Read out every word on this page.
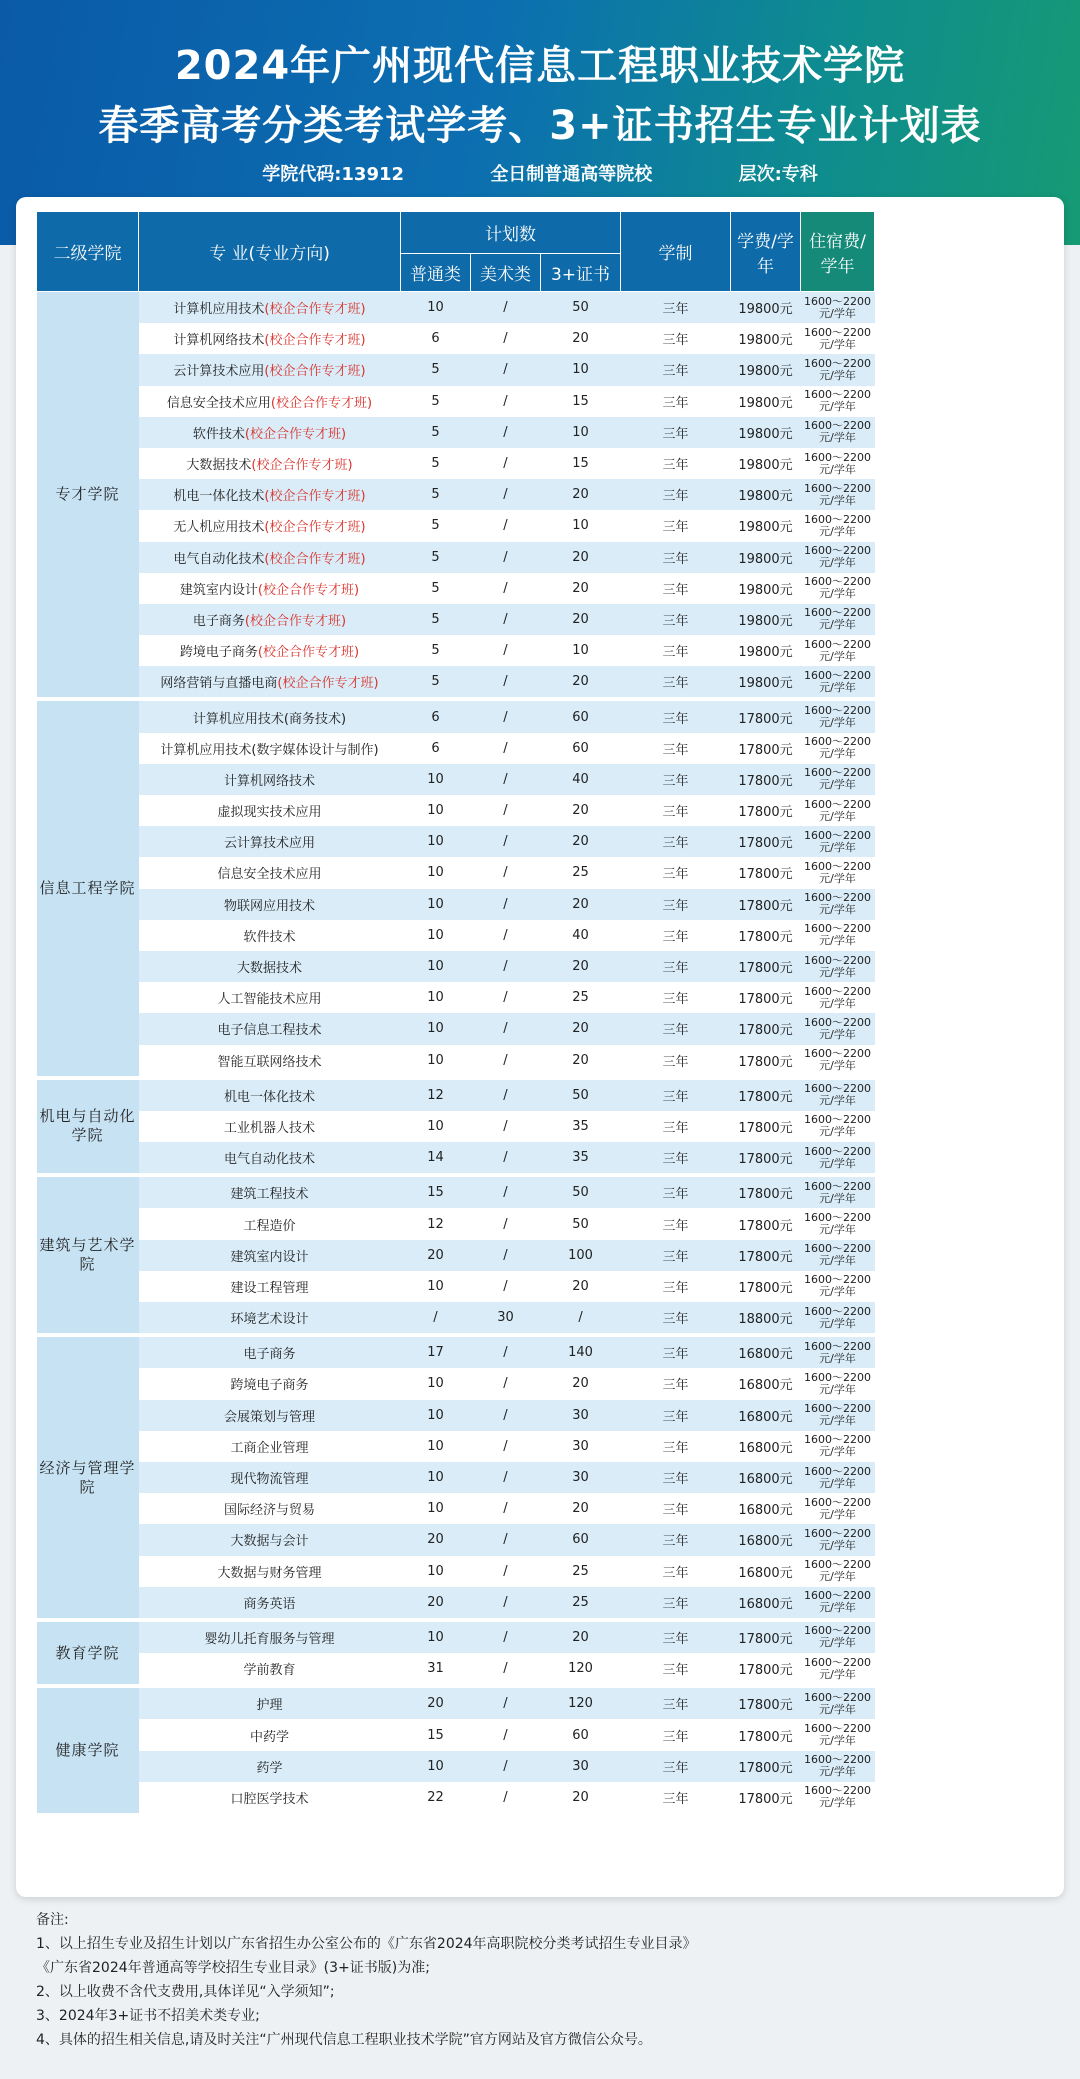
2024年广州现代信息工程职业技术学院
春季高考分类考试学考、3+证书招生专业计划表
学院代码:13912	全日制普通高等院校	层次:专科
二级学院	专 业(专业方向)	计划数			学制	学费/学年	住宿费/学年
		普通类	美术类	3+证书			
专才学院	计算机应用技术(校企合作专才班)	10	/	50	三年	19800元	1600～2200
元/学年

	计算机网络技术(校企合作专才班)	6	/	20	三年	19800元	1600～2200
元/学年

	云计算技术应用(校企合作专才班)	5	/	10	三年	19800元	1600～2200
元/学年

	信息安全技术应用(校企合作专才班)	5	/	15	三年	19800元	1600～2200
元/学年

	软件技术(校企合作专才班)	5	/	10	三年	19800元	1600～2200
元/学年

	大数据技术(校企合作专才班)	5	/	15	三年	19800元	1600～2200
元/学年

	机电一体化技术(校企合作专才班)	5	/	20	三年	19800元	1600～2200
元/学年

	无人机应用技术(校企合作专才班)	5	/	10	三年	19800元	1600～2200
元/学年

	电气自动化技术(校企合作专才班)	5	/	20	三年	19800元	1600～2200
元/学年

	建筑室内设计(校企合作专才班)	5	/	20	三年	19800元	1600～2200
元/学年

	电子商务(校企合作专才班)	5	/	20	三年	19800元	1600～2200
元/学年

	跨境电子商务(校企合作专才班)	5	/	10	三年	19800元	1600～2200
元/学年

	网络营销与直播电商(校企合作专才班)	5	/	20	三年	19800元	1600～2200
元/学年

信息工程学院	计算机应用技术(商务技术)	6	/	60	三年	17800元	1600～2200
元/学年

	计算机应用技术(数字媒体设计与制作)	6	/	60	三年	17800元	1600～2200
元/学年

	计算机网络技术	10	/	40	三年	17800元	1600～2200
元/学年

	虚拟现实技术应用	10	/	20	三年	17800元	1600～2200
元/学年

	云计算技术应用	10	/	20	三年	17800元	1600～2200
元/学年

	信息安全技术应用	10	/	25	三年	17800元	1600～2200
元/学年

	物联网应用技术	10	/	20	三年	17800元	1600～2200
元/学年

	软件技术	10	/	40	三年	17800元	1600～2200
元/学年

	大数据技术	10	/	20	三年	17800元	1600～2200
元/学年

	人工智能技术应用	10	/	25	三年	17800元	1600～2200
元/学年

	电子信息工程技术	10	/	20	三年	17800元	1600～2200
元/学年

	智能互联网络技术	10	/	20	三年	17800元	1600～2200
元/学年

机电与自动化学院	机电一体化技术	12	/	50	三年	17800元	1600～2200
元/学年

	工业机器人技术	10	/	35	三年	17800元	1600～2200
元/学年

	电气自动化技术	14	/	35	三年	17800元	1600～2200
元/学年

建筑与艺术学院	建筑工程技术	15	/	50	三年	17800元	1600～2200
元/学年

	工程造价	12	/	50	三年	17800元	1600～2200
元/学年

	建筑室内设计	20	/	100	三年	17800元	1600～2200
元/学年

	建设工程管理	10	/	20	三年	17800元	1600～2200
元/学年

	环境艺术设计	/	30	/	三年	18800元	1600～2200
元/学年

经济与管理学院	电子商务	17	/	140	三年	16800元	1600～2200
元/学年

	跨境电子商务	10	/	20	三年	16800元	1600～2200
元/学年

	会展策划与管理	10	/	30	三年	16800元	1600～2200
元/学年

	工商企业管理	10	/	30	三年	16800元	1600～2200
元/学年

	现代物流管理	10	/	30	三年	16800元	1600～2200
元/学年

	国际经济与贸易	10	/	20	三年	16800元	1600～2200
元/学年

	大数据与会计	20	/	60	三年	16800元	1600～2200
元/学年

	大数据与财务管理	10	/	25	三年	16800元	1600～2200
元/学年

	商务英语	20	/	25	三年	16800元	1600～2200
元/学年

教育学院	婴幼儿托育服务与管理	10	/	20	三年	17800元	1600～2200
元/学年

	学前教育	31	/	120	三年	17800元	1600～2200
元/学年

健康学院	护理	20	/	120	三年	17800元	1600～2200
元/学年

	中药学	15	/	60	三年	17800元	1600～2200
元/学年

	药学	10	/	30	三年	17800元	1600～2200
元/学年

	口腔医学技术	22	/	20	三年	17800元	1600～2200
元/学年
备注:
1、以上招生专业及招生计划以广东省招生办公室公布的《广东省2024年高职院校分类考试招生专业目录》
《广东省2024年普通高等学校招生专业目录》(3+证书版)为准;
2、以上收费不含代支费用,具体详见“入学须知”;
3、2024年3+证书不招美术类专业;
4、具体的招生相关信息,请及时关注“广州现代信息工程职业技术学院”官方网站及官方微信公众号。
